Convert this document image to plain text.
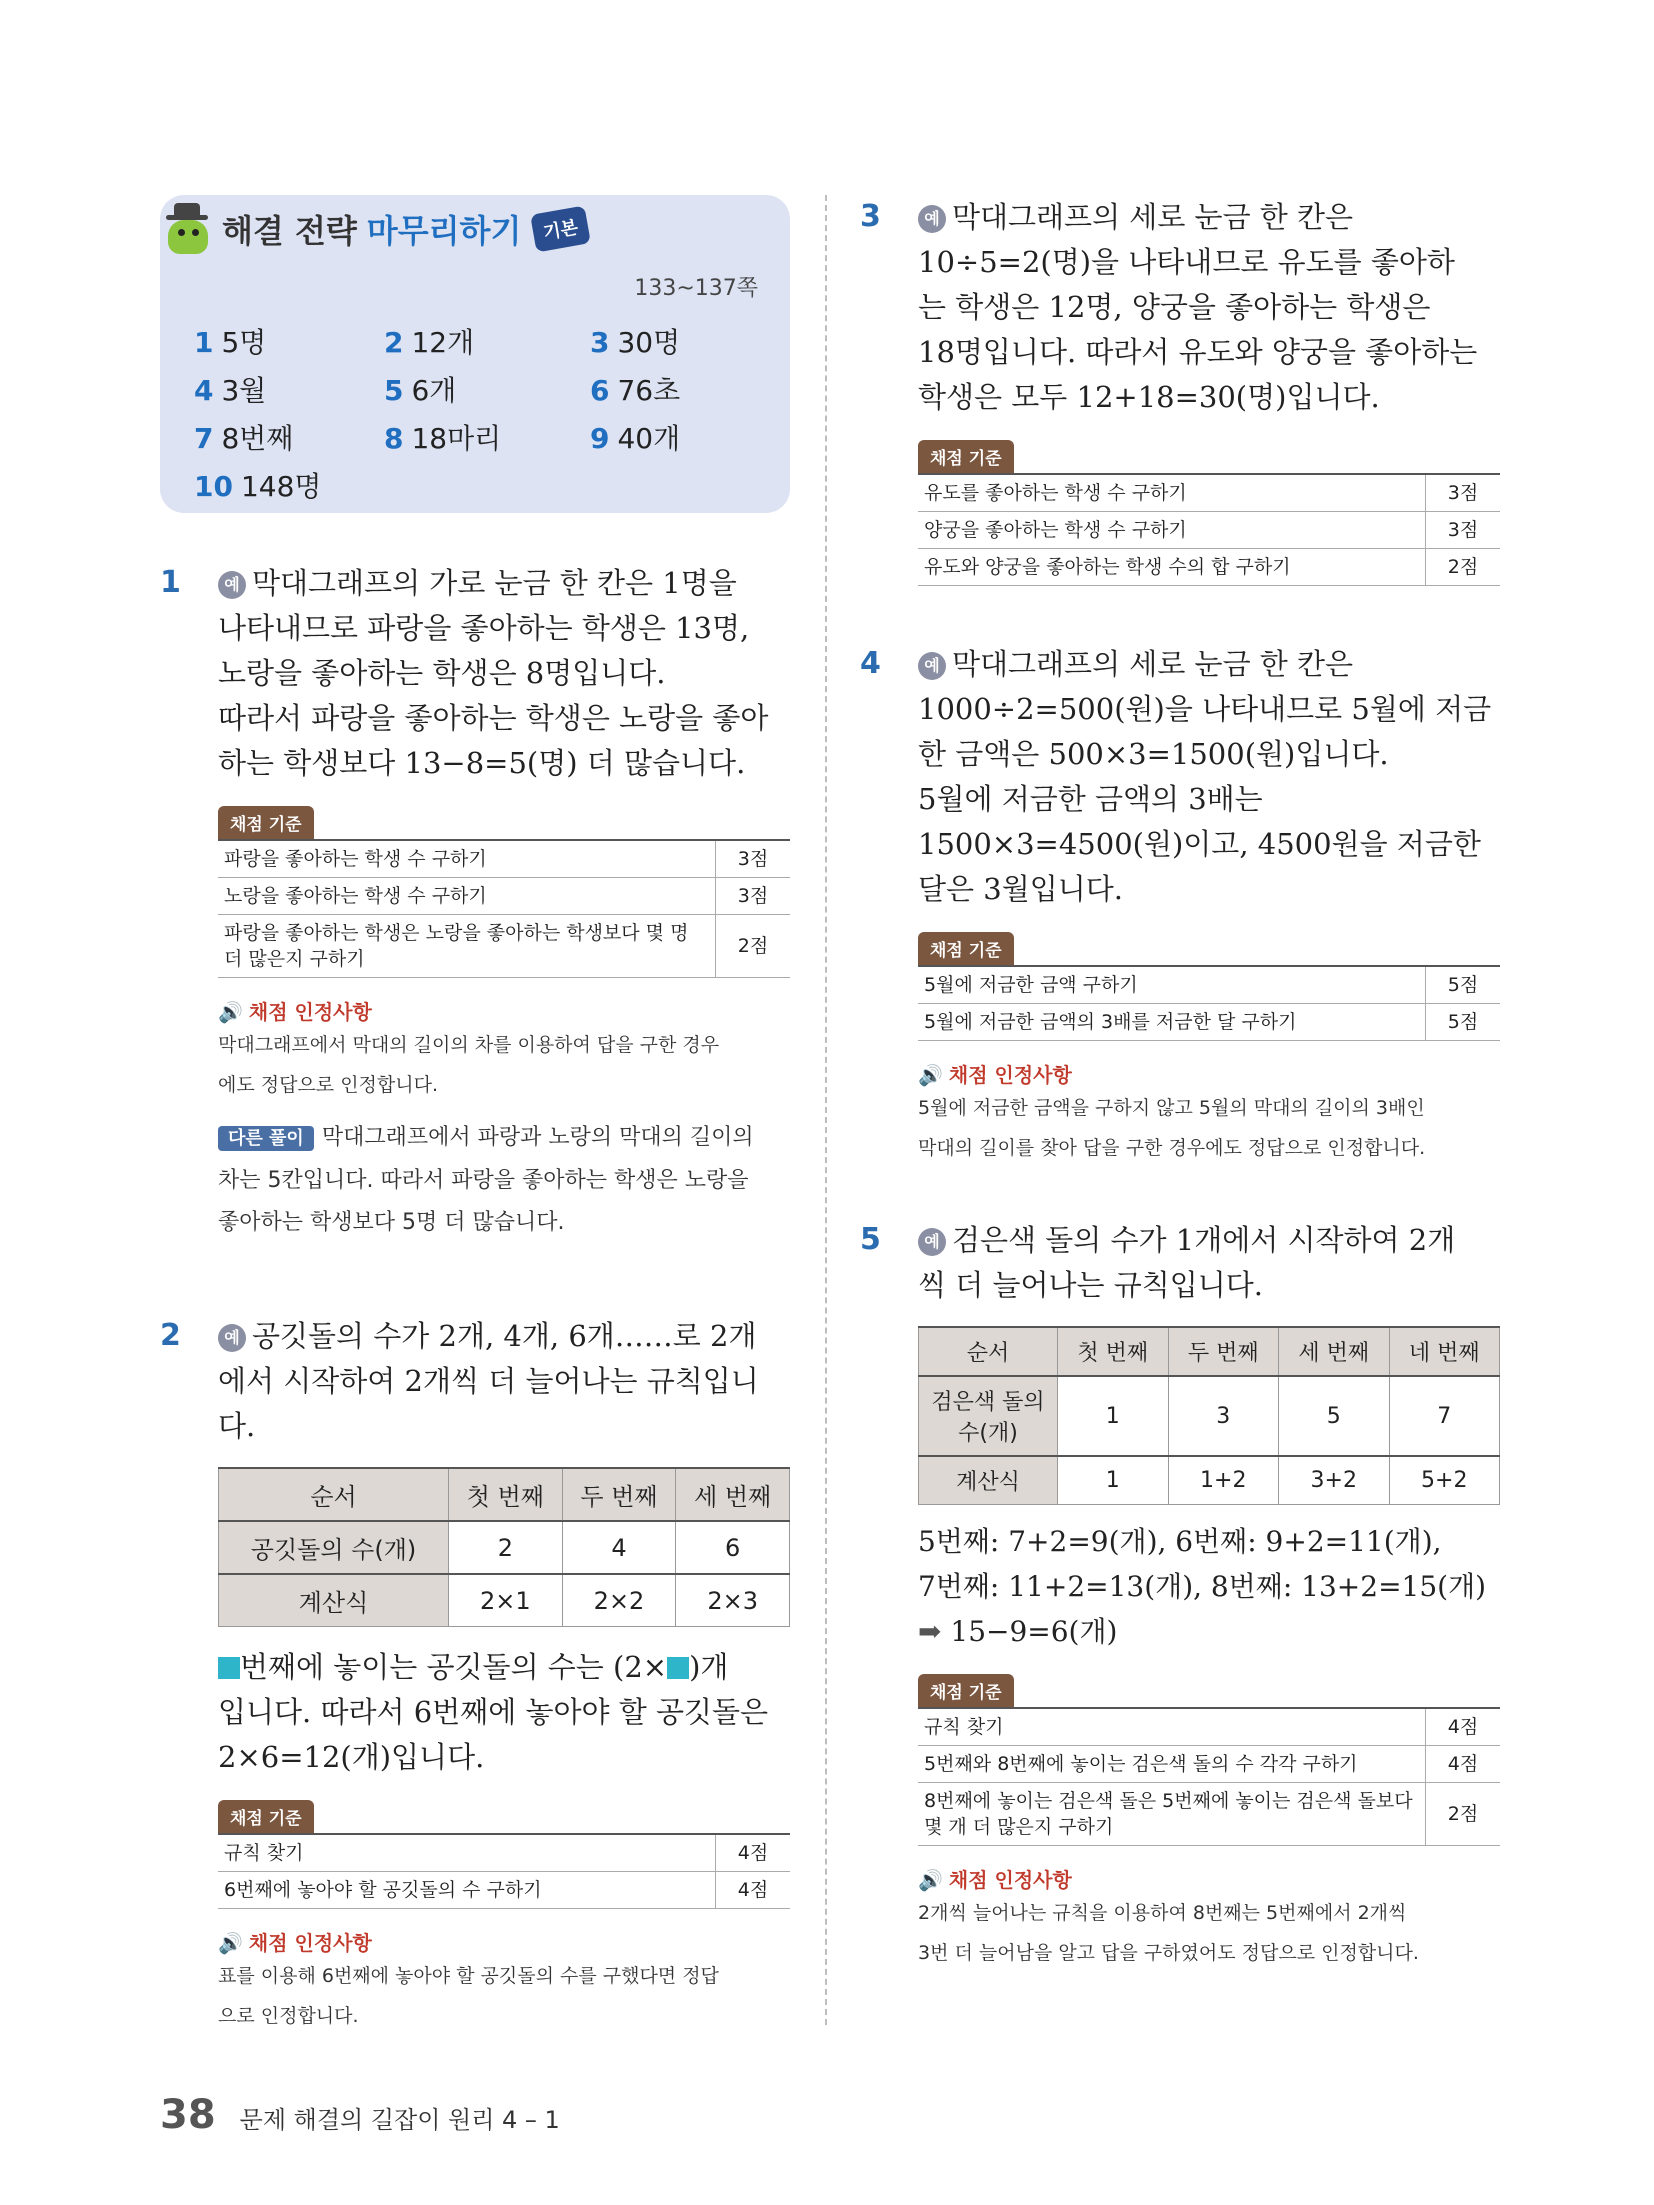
해결 전략 마무리하기	기본
133~137쪽
1 5명	2 12개	3 30명
4 3월	5 6개	6 76초
7 8번째	8 18마리	9 40개
10 148명
1	예 막대그래프의 가로 눈금 한 칸은 1명을

나타내므로 파랑을 좋아하는 학생은 13명,

노랑을 좋아하는 학생은 8명입니다.

따라서 파랑을 좋아하는 학생은 노랑을 좋아

하는 학생보다 13−8=5(명) 더 많습니다.

채점 기준
파랑을 좋아하는 학생 수 구하기	3점
노랑을 좋아하는 학생 수 구하기	3점
파랑을 좋아하는 학생은 노랑을 좋아하는 학생보다 몇 명 더 많은지 구하기	2점
🔊 채점 인정사항
막대그래프에서 막대의 길이의 차를 이용하여 답을 구한 경우
에도 정답으로 인정합니다.
다른 풀이 막대그래프에서 파랑과 노랑의 막대의 길이의
차는 5칸입니다. 따라서 파랑을 좋아하는 학생은 노랑을
좋아하는 학생보다 5명 더 많습니다.
2	예 공깃돌의 수가 2개, 4개, 6개……로 2개

에서 시작하여 2개씩 더 늘어나는 규칙입니다.

순서	첫 번째	두 번째	세 번째
공깃돌의 수(개)	2	4	6
계산식	2×1	2×2	2×3

번째에 놓이는 공깃돌의 수는 (2× )개

입니다. 따라서 6번째에 놓아야 할 공깃돌은

2×6=12(개)입니다.

채점 기준
규칙 찾기	4점
6번째에 놓아야 할 공깃돌의 수 구하기	4점
🔊 채점 인정사항
표를 이용해 6번째에 놓아야 할 공깃돌의 수를 구했다면 정답
으로 인정합니다.
3	예 막대그래프의 세로 눈금 한 칸은

10÷5=2(명)을 나타내므로 유도를 좋아하

는 학생은 12명, 양궁을 좋아하는 학생은

18명입니다. 따라서 유도와 양궁을 좋아하는

학생은 모두 12+18=30(명)입니다.

채점 기준
유도를 좋아하는 학생 수 구하기	3점
양궁을 좋아하는 학생 수 구하기	3점
유도와 양궁을 좋아하는 학생 수의 합 구하기	2점
4	예 막대그래프의 세로 눈금 한 칸은

1000÷2=500(원)을 나타내므로 5월에 저금

한 금액은 500×3=1500(원)입니다.

5월에 저금한 금액의 3배는

1500×3=4500(원)이고, 4500원을 저금한

달은 3월입니다.

채점 기준
5월에 저금한 금액 구하기	5점
5월에 저금한 금액의 3배를 저금한 달 구하기	5점
🔊 채점 인정사항
5월에 저금한 금액을 구하지 않고 5월의 막대의 길이의 3배인
막대의 길이를 찾아 답을 구한 경우에도 정답으로 인정합니다.
5	예 검은색 돌의 수가 1개에서 시작하여 2개

씩 더 늘어나는 규칙입니다.

순서	첫 번째	두 번째	세 번째	네 번째
검은색 돌의 수(개)	1	3	5	7
계산식	1	1+2	3+2	5+2

5번째: 7+2=9(개), 6번째: 9+2=11(개),

7번째: 11+2=13(개), 8번째: 13+2=15(개)

➡ 15−9=6(개)

채점 기준
규칙 찾기	4점
5번째와 8번째에 놓이는 검은색 돌의 수 각각 구하기	4점
8번째에 놓이는 검은색 돌은 5번째에 놓이는 검은색 돌보다 몇 개 더 많은지 구하기	2점
🔊 채점 인정사항
2개씩 늘어나는 규칙을 이용하여 8번째는 5번째에서 2개씩
3번 더 늘어남을 알고 답을 구하였어도 정답으로 인정합니다.
38 문제 해결의 길잡이 원리 4 – 1
